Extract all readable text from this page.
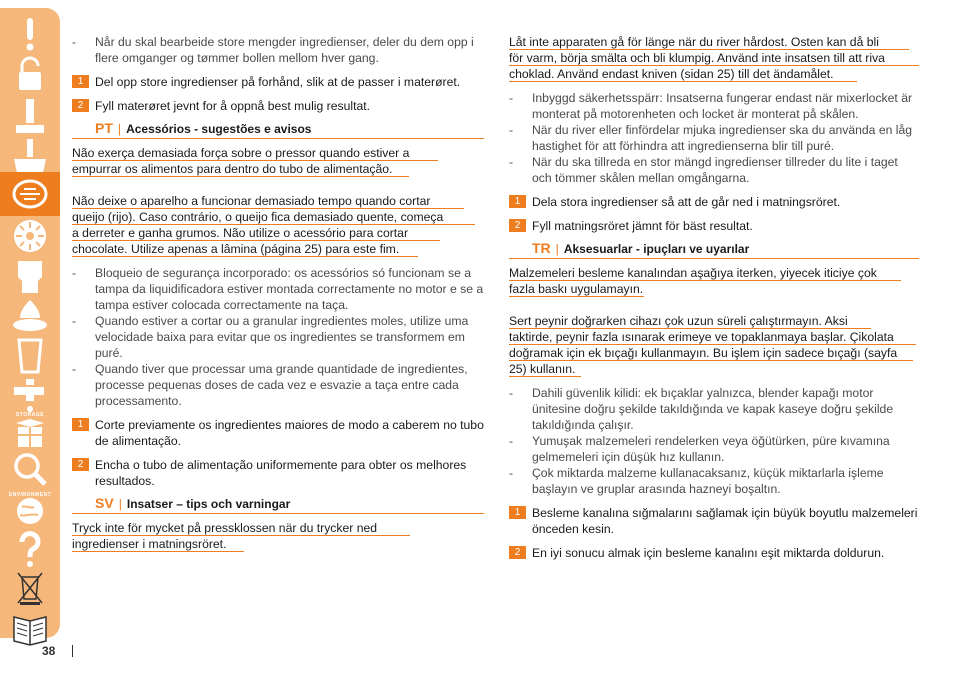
STORAGE
ENVIRONMENT
38
- Når du skal bearbeide store mengder ingredienser, deler du dem opp i flere omganger og tømmer bollen mellom hver gang.
1 Del opp store ingredienser på forhånd, slik at de passer i materøret.
2 Fyll materøret jevnt for å oppnå best mulig resultat.
PT | Acessórios - sugestões e avisos
Não exerça demasiada força sobre o pressor quando estiver a
empurrar os alimentos para dentro do tubo de alimentação.
Não deixe o aparelho a funcionar demasiado tempo quando cortar
queijo (rijo). Caso contrário, o queijo fica demasiado quente, começa
a derreter e ganha grumos. Não utilize o acessório para cortar
chocolate. Utilize apenas a lâmina (página 25) para este fim.
- Bloqueio de segurança incorporado: os acessórios só funcionam se a tampa da liquidificadora estiver montada correctamente no motor e se a tampa estiver colocada correctamente na taça.
- Quando estiver a cortar ou a granular ingredientes moles, utilize uma velocidade baixa para evitar que os ingredientes se transformem em puré.
- Quando tiver que processar uma grande quantidade de ingredientes, processe pequenas doses de cada vez e esvazie a taça entre cada processamento.
1 Corte previamente os ingredientes maiores de modo a caberem no tubo de alimentação.
2 Encha o tubo de alimentação uniformemente para obter os melhores resultados.
SV | Insatser – tips och varningar
Tryck inte för mycket på pressklossen när du trycker ned
ingredienser i matningsröret.
Låt inte apparaten gå för länge när du river hårdost. Osten kan då bli
för varm, börja smälta och bli klumpig. Använd inte insatsen till att riva
choklad. Använd endast kniven (sidan 25) till det ändamålet.
- Inbyggd säkerhetsspärr: Insatserna fungerar endast när mixerlocket är monterat på motorenheten och locket är monterat på skålen.
- När du river eller finfördelar mjuka ingredienser ska du använda en låg hastighet för att förhindra att ingredienserna blir till puré.
- När du ska tillreda en stor mängd ingredienser tillreder du lite i taget och tömmer skålen mellan omgångarna.
1 Dela stora ingredienser så att de går ned i matningsröret.
2 Fyll matningsröret jämnt för bäst resultat.
TR | Aksesuarlar - ipuçları ve uyarılar
Malzemeleri besleme kanalından aşağıya iterken, yiyecek iticiye çok
fazla baskı uygulamayın.
Sert peynir doğrarken cihazı çok uzun süreli çalıştırmayın. Aksi
taktirde, peynir fazla ısınarak erimeye ve topaklanmaya başlar. Çikolata
doğramak için ek bıçağı kullanmayın. Bu işlem için sadece bıçağı (sayfa
25) kullanın.
- Dahili güvenlik kilidi: ek bıçaklar yalnızca, blender kapağı motor ünitesine doğru şekilde takıldığında ve kapak kaseye doğru şekilde takıldığında çalışır.
- Yumuşak malzemeleri rendelerken veya öğütürken, püre kıvamına gelmemeleri için düşük hız kullanın.
- Çok miktarda malzeme kullanacaksanız, küçük miktarlarla işleme başlayın ve gruplar arasında hazneyi boşaltın.
1 Besleme kanalına sığmalarını sağlamak için büyük boyutlu malzemeleri önceden kesin.
2 En iyi sonucu almak için besleme kanalını eşit miktarda doldurun.
